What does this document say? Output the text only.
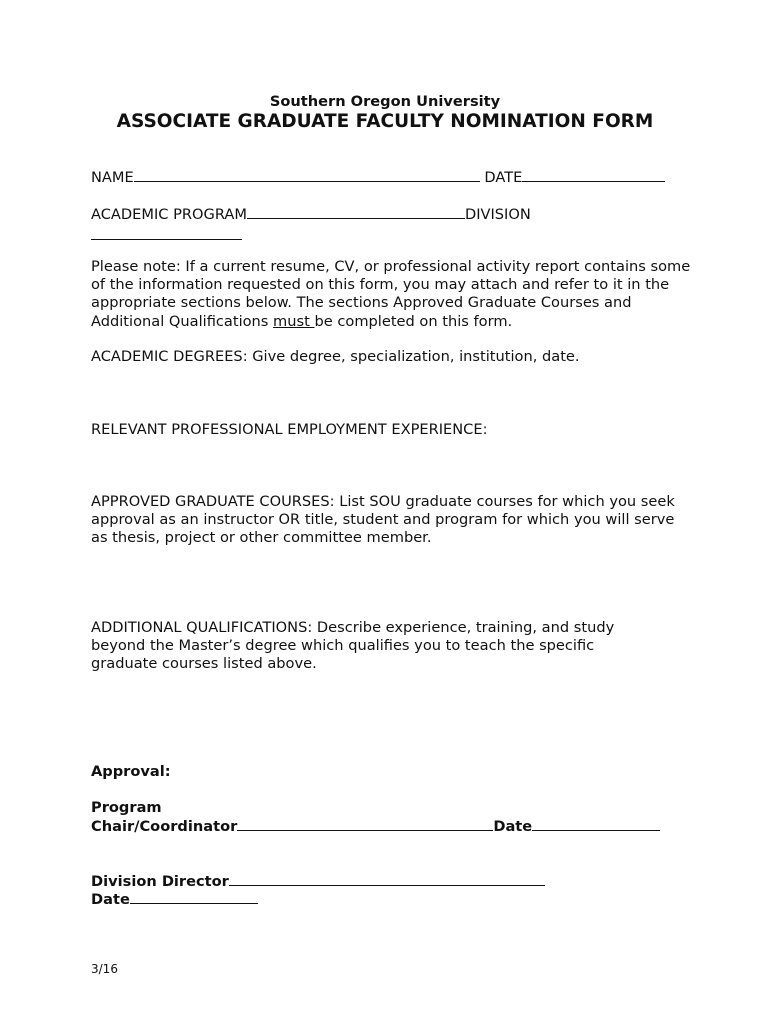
Southern Oregon University
ASSOCIATE GRADUATE FACULTY NOMINATION FORM
NAME	DATE
ACADEMIC PROGRAM	DIVISION
Please note: If a current resume, CV, or professional activity report contains some of the information requested on this form, you may attach and refer to it in the appropriate sections below. The sections Approved Graduate Courses and Additional Qualifications must be completed on this form.
ACADEMIC DEGREES: Give degree, specialization, institution, date.
RELEVANT PROFESSIONAL EMPLOYMENT EXPERIENCE:
APPROVED GRADUATE COURSES: List SOU graduate courses for which you seek approval as an instructor OR title, student and program for which you will serve as thesis, project or other committee member.
ADDITIONAL QUALIFICATIONS: Describe experience, training, and study beyond the Master’s degree which qualifies you to teach the specific graduate courses listed above.
Approval:
Program
Chair/Coordinator	Date
Division Director
Date
3/16
